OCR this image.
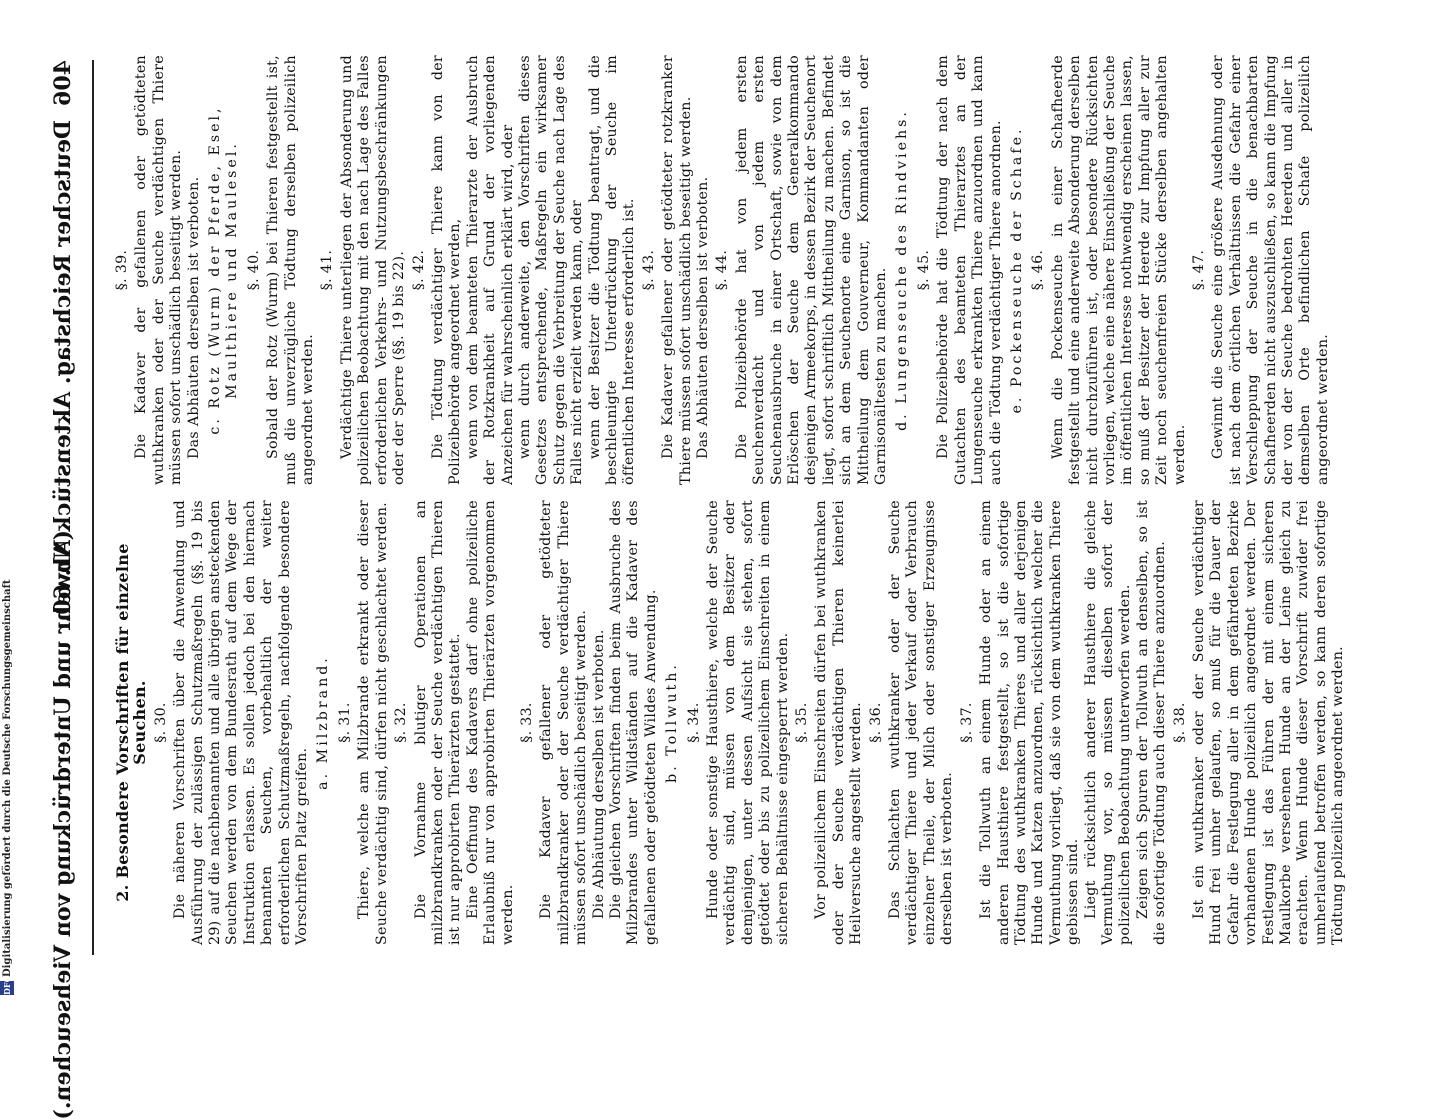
406
Deutscher Reichstag. Aktenstück Nr. 60.
(Abwehr und Unterdrückung von Viehseuchen.) 2. Besondere Vorschriften für einzelne Seuchen. §. 30. Die näheren Vorschriften über die Anwendung und Ausführung der zulässigen Schutzmaßregeln (§§. 19 bis 29) auf die nachbenannten und alle übrigen ansteckenden Seuchen werden von dem Bundesrath auf dem Wege der Instruktion erlassen. Es sollen jedoch bei den hiernach benannten Seuchen, vorbehaltlich der weiter erforderlichen Schutzmaßregeln, nachfolgende besondere Vorschriften Platz greifen.

a. Milzbrand. §. 31. Thiere, welche am Milzbrande erkrankt oder dieser Seuche verdächtig sind, dürfen nicht geschlachtet werden. §. 32. Die Vornahme blutiger Operationen an milzbrandkranken oder der Seuche verdächtigen Thieren ist nur approbirten Thierärzten gestattet. Eine Oeffnung des Kadavers darf ohne polizeiliche Erlaubniß nur von approbirten Thierärzten vorgenommen werden.

§. 33. Die Kadaver gefallener oder getödteter milzbrandkranker oder der Seuche verdächtiger Thiere müssen sofort unschädlich beseitigt werden. Die Abhäutung derselben ist verboten. Die gleichen Vorschriften finden beim Ausbruche des Milzbrandes unter Wildständen auf die Kadaver des gefallenen oder getödteten Wildes Anwendung. b. Tollwuth. §. 34. Hunde oder sonstige Hausthiere, welche der Seuche verdächtig sind, müssen von dem Besitzer oder demjenigen, unter dessen Aufsicht sie stehen, sofort getödtet oder bis zu polizeilichem Einschreiten in einem sicheren Behältnisse eingesperrt werden. §. 35. Vor polizeilichem Einschreiten dürfen bei wuthkranken oder der Seuche verdächtigen Thieren keinerlei Heilversuche angestellt werden. §. 36. Das Schlachten wuthkranker oder der Seuche verdächtiger Thiere und jeder Verkauf oder Verbrauch einzelner Theile, der Milch oder sonstiger Erzeugnisse derselben ist verboten.

§. 37. Ist die Tollwuth an einem Hunde oder an einem anderen Hausthiere festgestellt, so ist die sofortige Tödtung des wuthkranken Thieres und aller derjenigen Hunde und Katzen anzuordnen, rücksichtlich welcher die Vermuthung vorliegt, daß sie von dem wuthkranken Thiere gebissen sind. Liegt rücksichtlich anderer Hausthiere die gleiche Vermuthung vor, so müssen dieselben sofort der polizeilichen Beobachtung unterworfen werden. Zeigen sich Spuren der Tollwuth an denselben, so ist die sofortige Tödtung auch dieser Thiere anzuordnen. §. 38. Ist ein wuthkranker oder der Seuche verdächtiger Hund frei umher gelaufen, so muß für die Dauer der Gefahr die Festlegung aller in dem gefährdeten Bezirke vorhandenen Hunde polizeilich angeordnet werden. Der Festlegung ist das Führen der mit einem sicheren Maulkorbe versehenen Hunde an der Leine gleich zu erachten. Wenn Hunde dieser Vorschrift zuwider frei umherlaufend betroffen werden, so kann deren sofortige Tödtung polizeilich angeordnet werden.

§. 39. Die Kadaver der gefallenen oder getödteten wuthkranken oder der Seuche verdächtigen Thiere müssen sofort unschädlich beseitigt werden. Das Abhäuten derselben ist verboten. c. Rotz (Wurm) der Pferde, Esel, Maulthiere und Maulesel. §. 40. Sobald der Rotz (Wurm) bei Thieren festgestellt ist, muß die unverzügliche Tödtung derselben polizeilich angeordnet werden.

§. 41. Verdächtige Thiere unterliegen der Absonderung und polizeilichen Beobachtung mit den nach Lage des Falles erforderlichen Verkehrs- und Nutzungsbeschränkungen oder der Sperre (§§. 19 bis 22). §. 42. Die Tödtung verdächtiger Thiere kann von der Polizeibehörde angeordnet werden, wenn von dem beamteten Thierarzte der Ausbruch der Rotzkrankheit auf Grund der vorliegenden Anzeichen für wahrscheinlich erklärt wird, oder wenn durch anderweite, den Vorschriften dieses Gesetzes entsprechende, Maßregeln ein wirksamer Schutz gegen die Verbreitung der Seuche nach Lage des Falles nicht erzielt werden kann, oder wenn der Besitzer die Tödtung beantragt, und die beschleunigte Unterdrückung der Seuche im öffentlichen Interesse erforderlich ist. §. 43. Die Kadaver gefallener oder getödteter rotzkranker Thiere müssen sofort unschädlich beseitigt werden. Das Abhäuten derselben ist verboten. §. 44. Die Polizeibehörde hat von jedem ersten Seuchenverdacht und von jedem ersten Seuchenausbruche in einer Ortschaft, sowie von dem Erlöschen der Seuche dem Generalkommando desjenigen Armeekorps, in dessen Bezirk der Seuchenort liegt, sofort schriftlich Mittheilung zu machen. Befindet sich an dem Seuchenorte eine Garnison, so ist die Mittheilung dem Gouverneur, Kommandanten oder Garnisonältesten zu machen. d. Lungenseuche des Rindviehs. §. 45. Die Polizeibehörde hat die Tödtung der nach dem Gutachten des beamteten Thierarztes an der Lungenseuche erkrankten Thiere anzuordnen und kann auch die Tödtung verdächtiger Thiere anordnen. e. Pockenseuche der Schafe. §. 46. Wenn die Pockenseuche in einer Schafheerde festgestellt und eine anderweite Absonderung derselben nicht durchzuführen ist, oder besondere Rücksichten vorliegen, welche eine nähere Einschließung der Seuche im öffentlichen Interesse nothwendig erscheinen lassen, so muß der Besitzer der Heerde zur Impfung aller zur Zeit noch seuchenfreien Stücke derselben angehalten werden.

§. 47. Gewinnt die Seuche eine größere Ausdehnung oder ist nach dem örtlichen Verhältnissen die Gefahr einer Verschleppung der Seuche in die benachbarten Schafheerden nicht auszuschließen, so kann die Impfung der von der Seuche bedrohten Heerden und aller in demselben Orte befindlichen Schafe polizeilich angeordnet werden.

DFGDigitalisierung gefördert durch die Deutsche Forschungsgemeinschaft
